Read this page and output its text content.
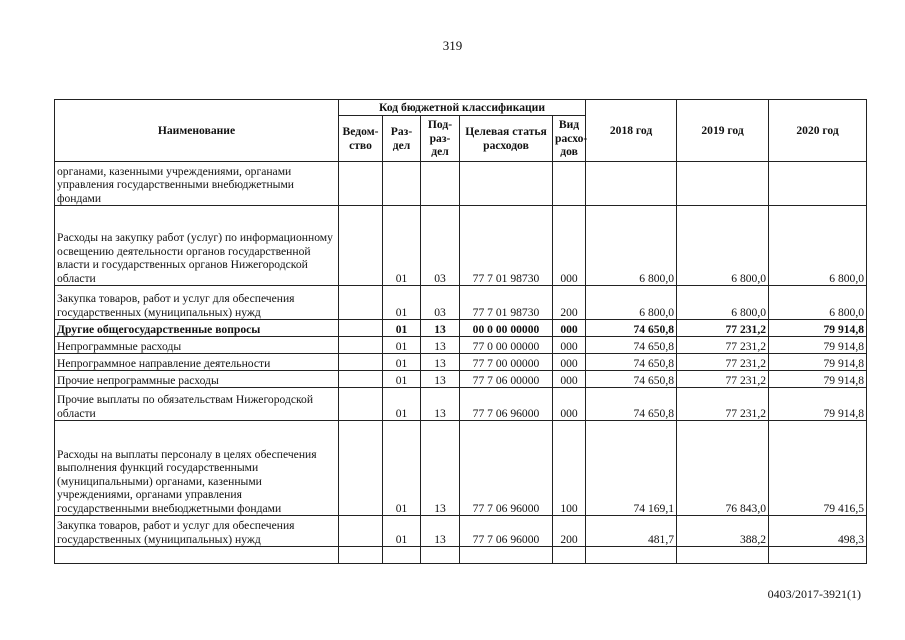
319
Наименование	Код бюджетной классификации					2018 год	2019 год	2020 год
	Ведом-ство	Раз-дел	Под-раз-дел	Целевая статья расходов	Вид расхо-дов			
органами, казенными учреждениями, органами управления государственными внебюджетными фондами								
Расходы на закупку работ (услуг) по информационному освещению деятельности органов государственной власти и государственных органов Нижегородской области		01	03	77 7 01 98730	000	6 800,0	6 800,0	6 800,0
Закупка товаров, работ и услуг для обеспечения государственных (муниципальных) нужд		01	03	77 7 01 98730	200	6 800,0	6 800,0	6 800,0
Другие общегосударственные вопросы		01	13	00 0 00 00000	000	74 650,8	77 231,2	79 914,8
Непрограммные расходы		01	13	77 0 00 00000	000	74 650,8	77 231,2	79 914,8
Непрограммное направление деятельности		01	13	77 7 00 00000	000	74 650,8	77 231,2	79 914,8
Прочие непрограммные расходы		01	13	77 7 06 00000	000	74 650,8	77 231,2	79 914,8
Прочие выплаты по обязательствам Нижегородской области		01	13	77 7 06 96000	000	74 650,8	77 231,2	79 914,8
Расходы на выплаты персоналу в целях обеспечения выполнения функций государственными (муниципальными) органами, казенными учреждениями, органами управления государственными внебюджетными фондами		01	13	77 7 06 96000	100	74 169,1	76 843,0	79 416,5
Закупка товаров, работ и услуг для обеспечения государственных (муниципальных) нужд		01	13	77 7 06 96000	200	481,7	388,2	498,3

0403/2017-3921(1)
